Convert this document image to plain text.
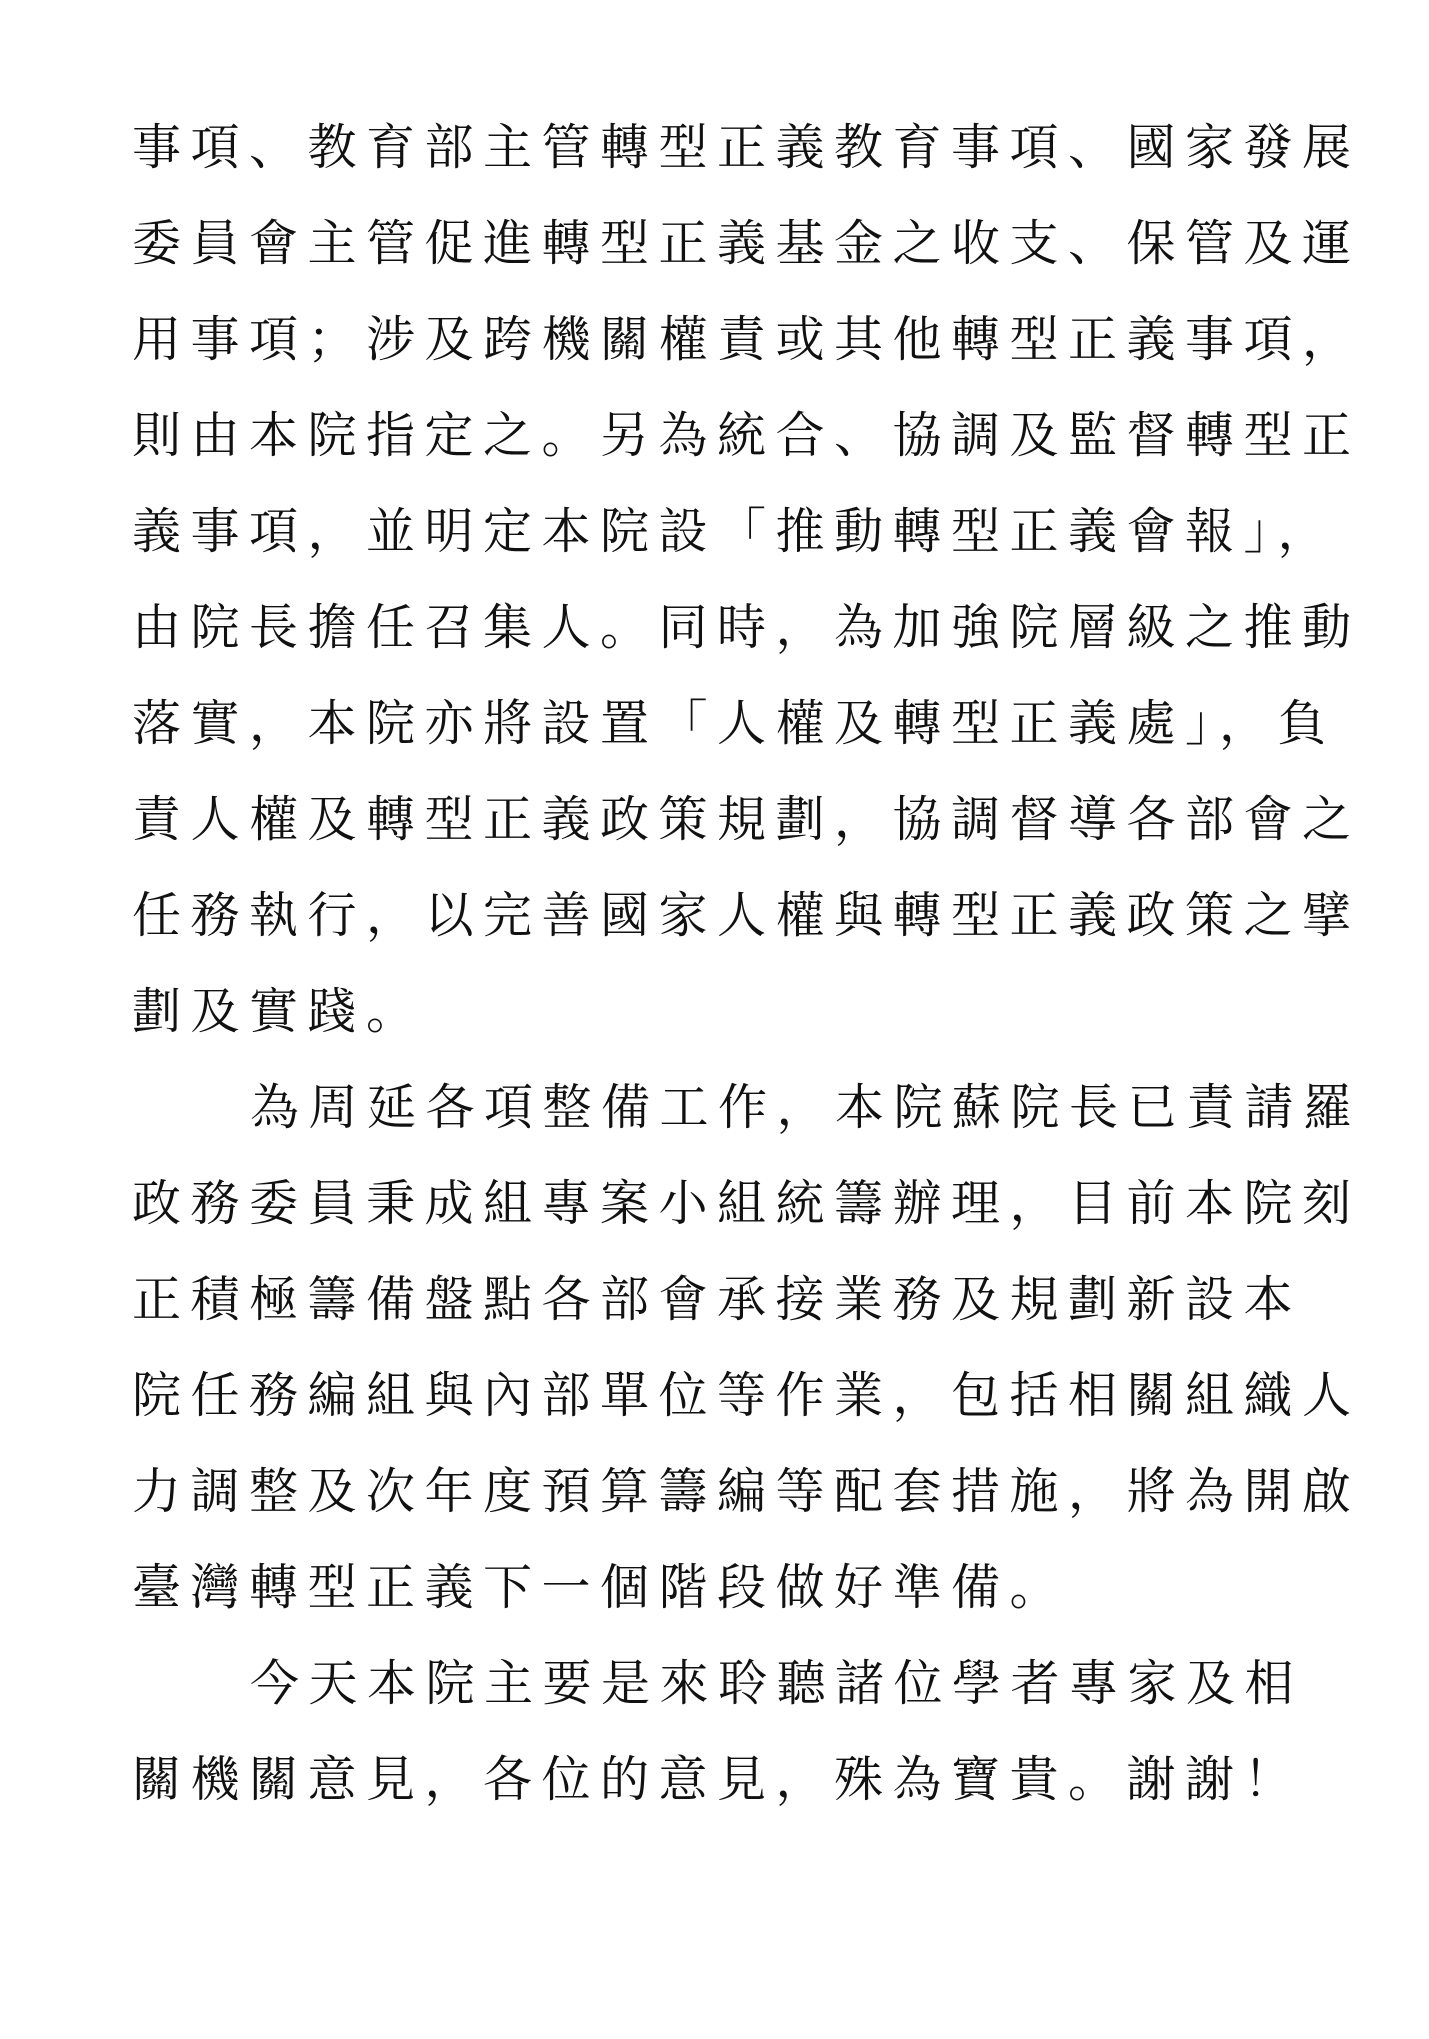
事項、教育部主管轉型正義教育事項、國家發展
委員會主管促進轉型正義基金之收支、保管及運
用事項；涉及跨機關權責或其他轉型正義事項，
則由本院指定之。另為統合、協調及監督轉型正
義事項，並明定本院設「推動轉型正義會報」，
由院長擔任召集人。同時，為加強院層級之推動
落實，本院亦將設置「人權及轉型正義處」，負
責人權及轉型正義政策規劃，協調督導各部會之
任務執行，以完善國家人權與轉型正義政策之擘
劃及實踐。
為周延各項整備工作，本院蘇院長已責請羅
政務委員秉成組專案小組統籌辦理，目前本院刻
正積極籌備盤點各部會承接業務及規劃新設本
院任務編組與內部單位等作業，包括相關組織人
力調整及次年度預算籌編等配套措施，將為開啟
臺灣轉型正義下一個階段做好準備。
今天本院主要是來聆聽諸位學者專家及相
關機關意見，各位的意見，殊為寶貴。謝謝！
